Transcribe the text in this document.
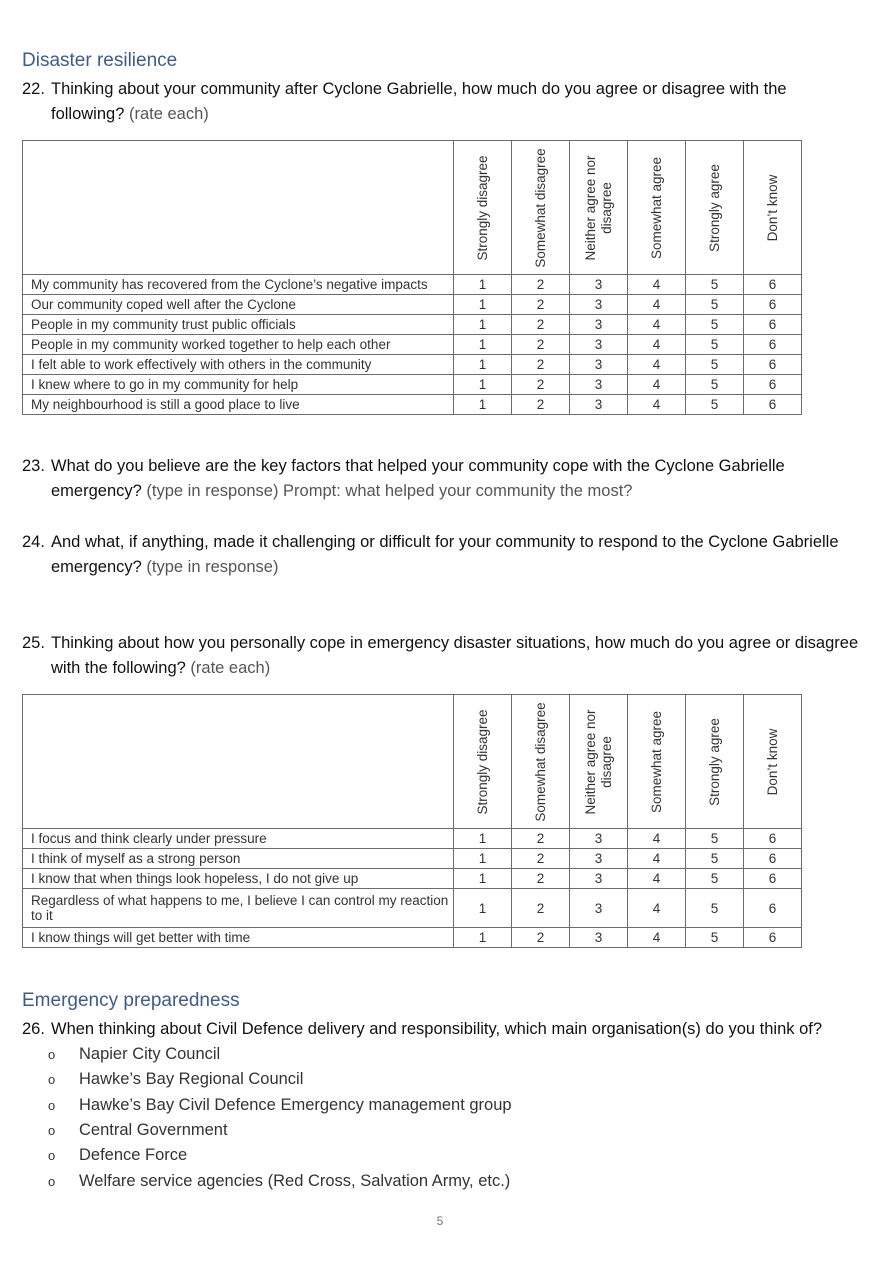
Disaster resilience
22. Thinking about your community after Cyclone Gabrielle, how much do you agree or disagree with the following? (rate each)

	Strongly disagree	Somewhat disagree	Neither agree nor disagree	Somewhat agree	Strongly agree	Don’t know

My community has recovered from the Cyclone’s negative impacts	1	2	3	4	5	6
Our community coped well after the Cyclone	1	2	3	4	5	6
People in my community trust public officials	1	2	3	4	5	6
People in my community worked together to help each other	1	2	3	4	5	6
I felt able to work effectively with others in the community	1	2	3	4	5	6
I knew where to go in my community for help	1	2	3	4	5	6
My neighbourhood is still a good place to live	1	2	3	4	5	6
23. What do you believe are the key factors that helped your community cope with the Cyclone Gabrielle emergency? (type in response) Prompt: what helped your community the most?
24. And what, if anything, made it challenging or difficult for your community to respond to the Cyclone Gabrielle emergency? (type in response)
25. Thinking about how you personally cope in emergency disaster situations, how much do you agree or disagree with the following? (rate each)

	Strongly disagree	Somewhat disagree	Neither agree nor disagree	Somewhat agree	Strongly agree	Don’t know

I focus and think clearly under pressure	1	2	3	4	5	6
I think of myself as a strong person	1	2	3	4	5	6
I know that when things look hopeless, I do not give up	1	2	3	4	5	6
Regardless of what happens to me, I believe I can control my reaction to it	1	2	3	4	5	6
I know things will get better with time	1	2	3	4	5	6
Emergency preparedness
26. When thinking about Civil Defence delivery and responsibility, which main organisation(s) do you think of?
o	Napier City Council
o	Hawke’s Bay Regional Council
o	Hawke’s Bay Civil Defence Emergency management group
o	Central Government
o	Defence Force
o	Welfare service agencies (Red Cross, Salvation Army, etc.)
5
